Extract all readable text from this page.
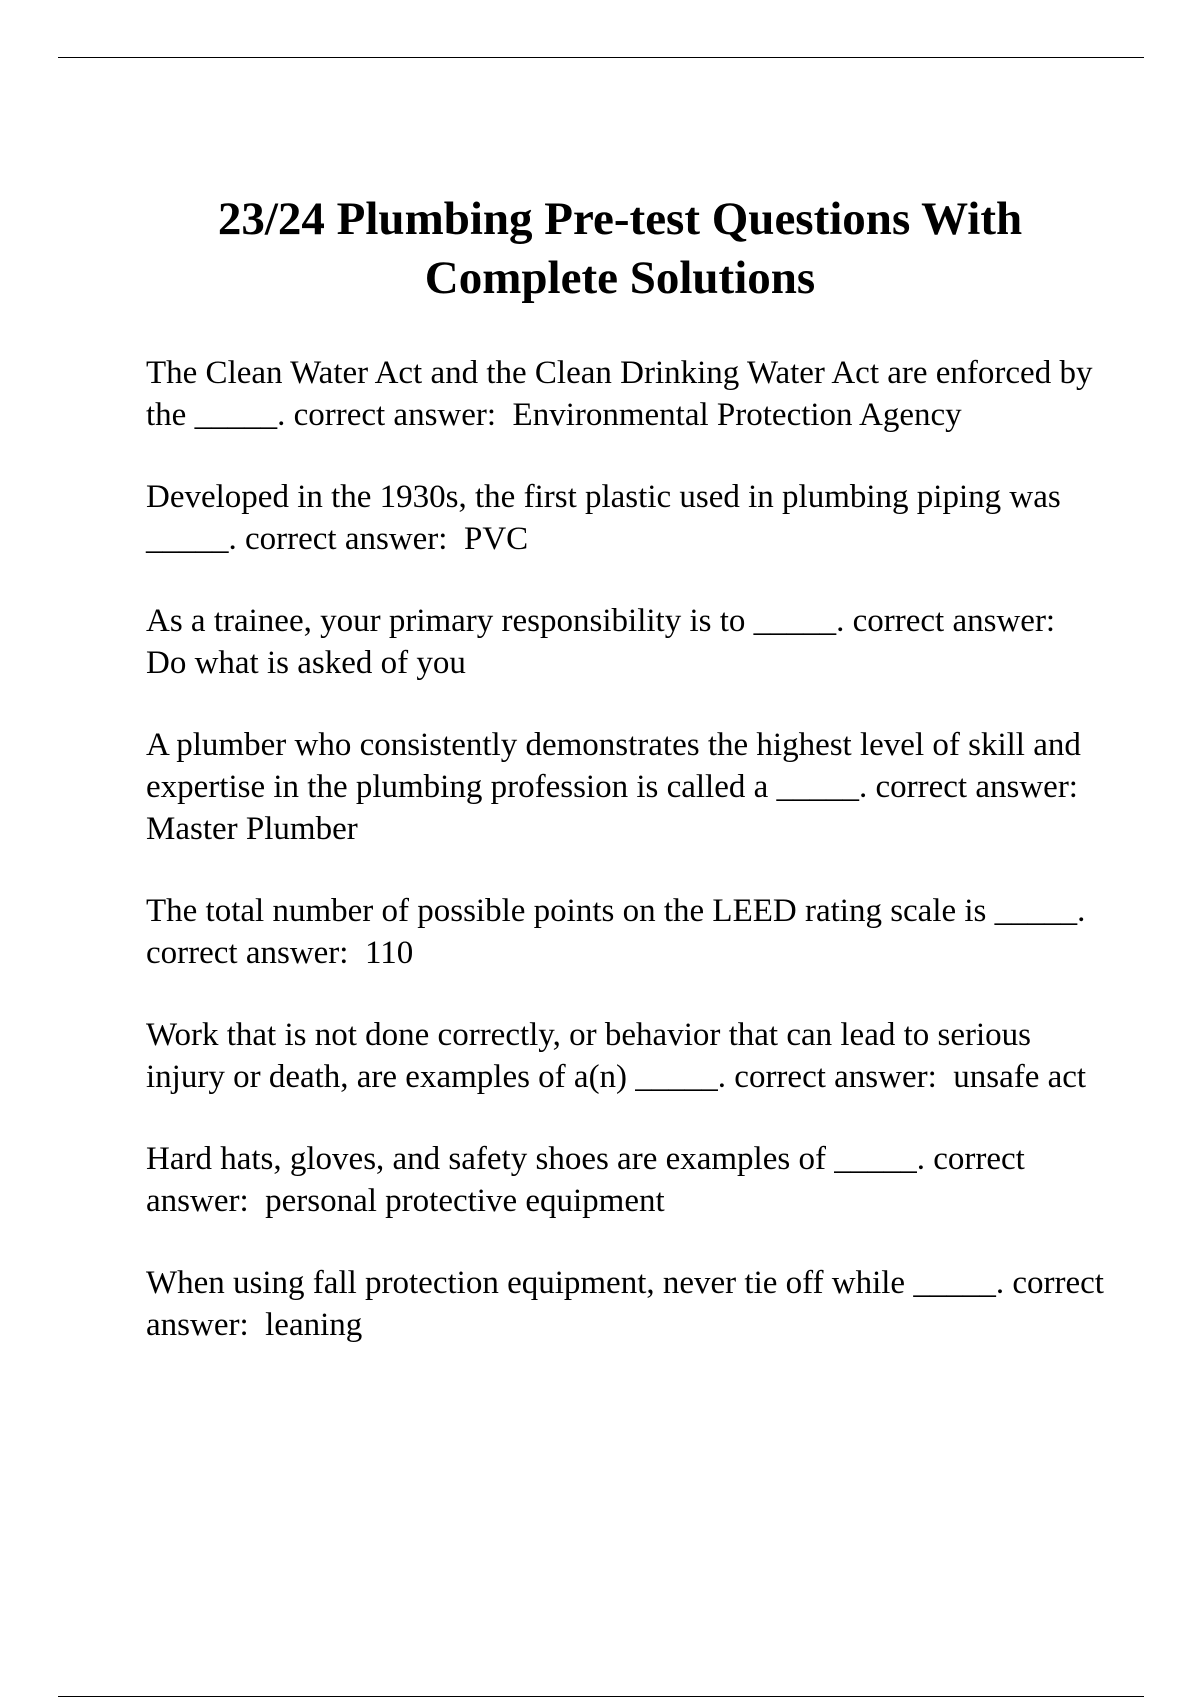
23/24 Plumbing Pre-test Questions With
Complete Solutions
The Clean Water Act and the Clean Drinking Water Act are enforced by the _____. correct answer: Environmental Protection Agency
Developed in the 1930s, the first plastic used in plumbing piping was _____. correct answer: PVC
As a trainee, your primary responsibility is to _____. correct answer:  Do what is asked of you
A plumber who consistently demonstrates the highest level of skill and expertise in the plumbing profession is called a _____. correct answer:  Master Plumber
The total number of possible points on the LEED rating scale is _____. correct answer: 110
Work that is not done correctly, or behavior that can lead to serious injury or death, are examples of a(n) _____. correct answer: unsafe act
Hard hats, gloves, and safety shoes are examples of _____. correct answer: personal protective equipment
When using fall protection equipment, never tie off while _____. correct answer: leaning
